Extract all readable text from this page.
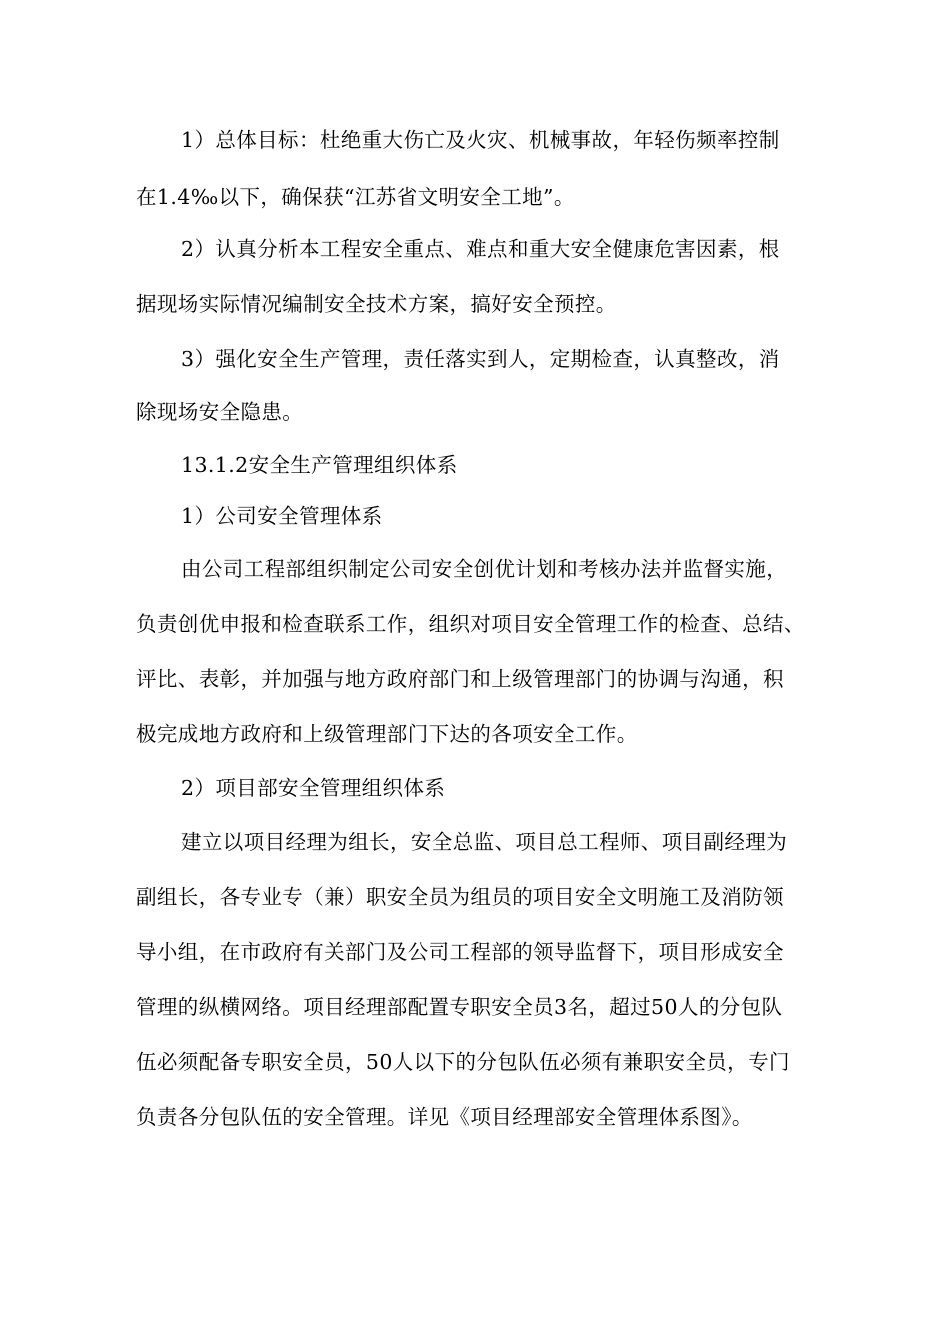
1）总体目标：杜绝重大伤亡及火灾、机械事故，年轻伤频率控制
在1.4‰以下，确保获“江苏省文明安全工地”。
2）认真分析本工程安全重点、难点和重大安全健康危害因素，根
据现场实际情况编制安全技术方案，搞好安全预控。
3）强化安全生产管理，责任落实到人，定期检查，认真整改，消
除现场安全隐患。
13.1.2安全生产管理组织体系
1）公司安全管理体系
由公司工程部组织制定公司安全创优计划和考核办法并监督实施，
负责创优申报和检查联系工作，组织对项目安全管理工作的检查、总结、
评比、表彰，并加强与地方政府部门和上级管理部门的协调与沟通，积
极完成地方政府和上级管理部门下达的各项安全工作。
2）项目部安全管理组织体系
建立以项目经理为组长，安全总监、项目总工程师、项目副经理为
副组长，各专业专（兼）职安全员为组员的项目安全文明施工及消防领
导小组，在市政府有关部门及公司工程部的领导监督下，项目形成安全
管理的纵横网络。项目经理部配置专职安全员3名，超过50人的分包队
伍必须配备专职安全员，50人以下的分包队伍必须有兼职安全员，专门
负责各分包队伍的安全管理。详见《项目经理部安全管理体系图》。
